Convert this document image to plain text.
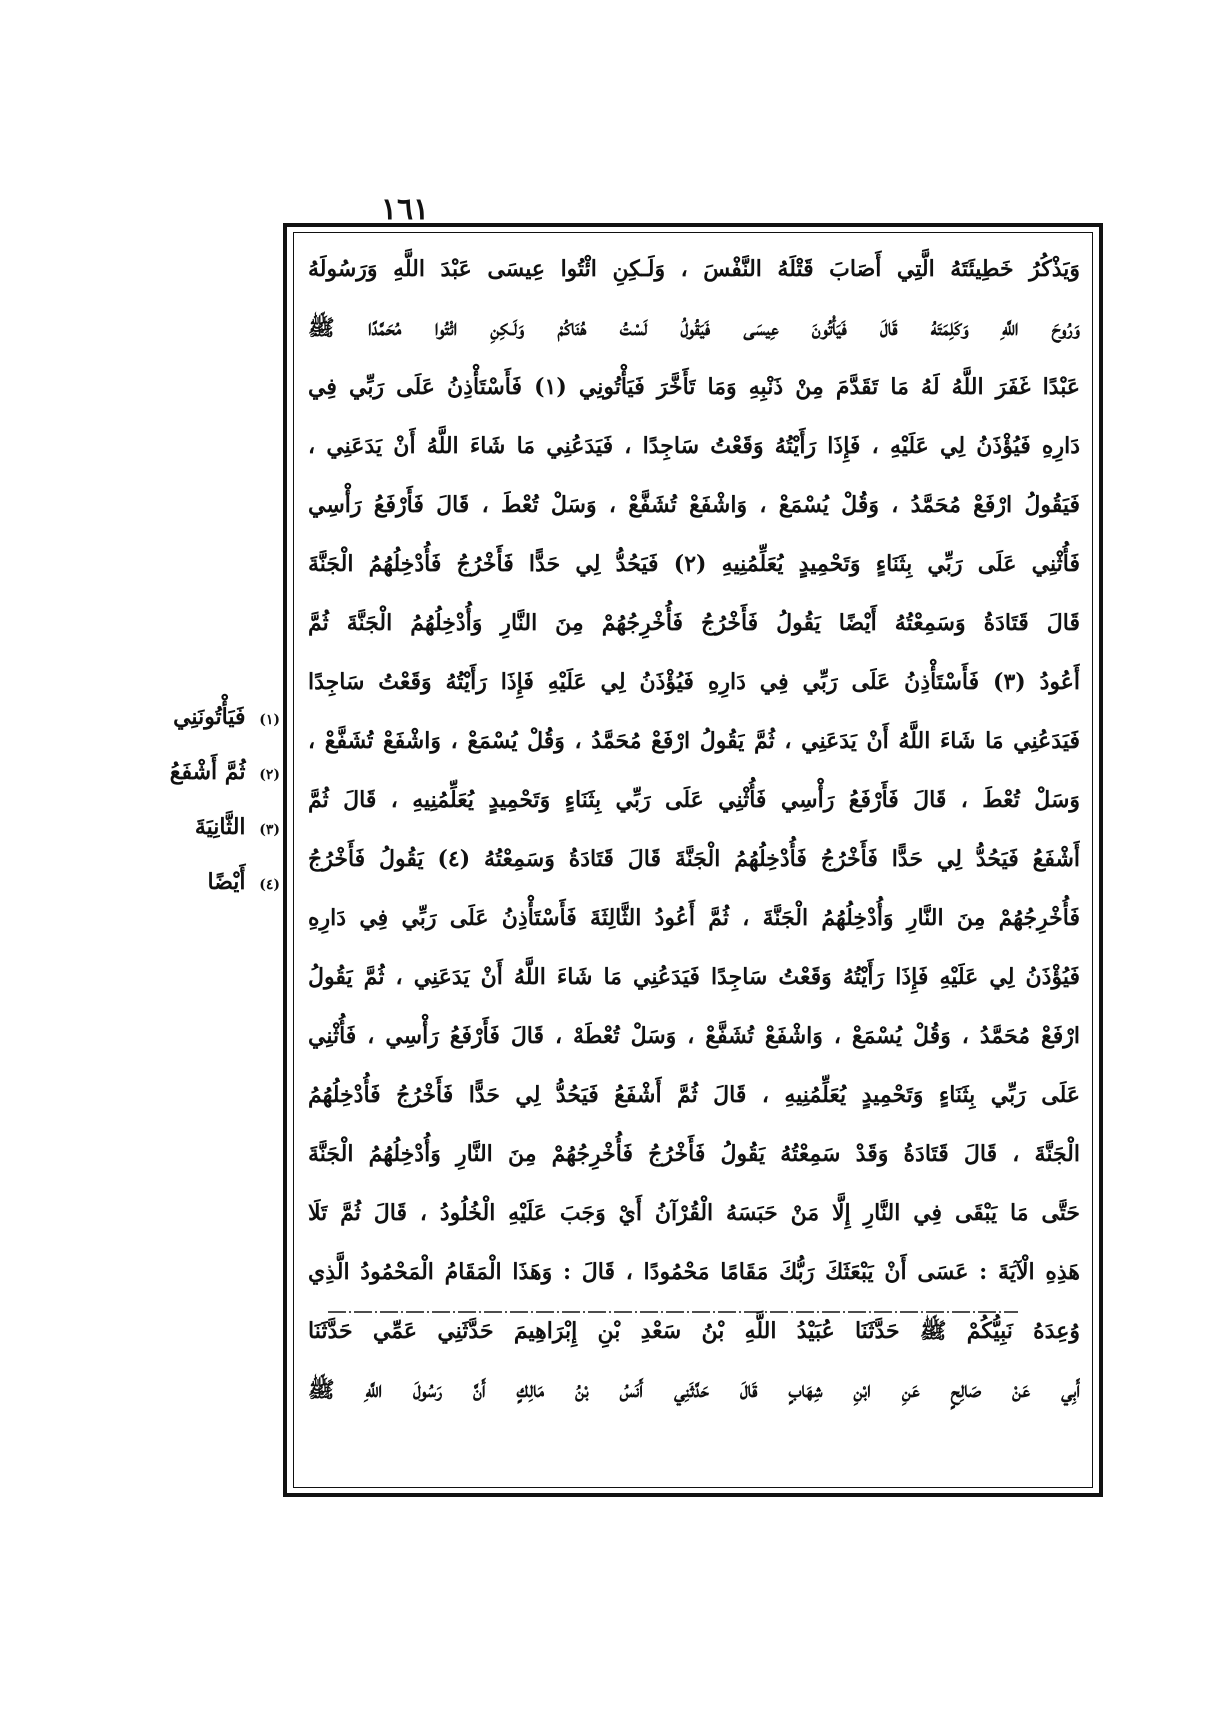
١٦١
وَيَذْكُرُ خَطِيئَتَهُ الَّتِي أَصَابَ قَتْلَهُ النَّفْسَ ، وَلَـكِنِ ائْتُوا عِيسَى عَبْدَ اللَّهِ وَرَسُولَهُ
وَرُوحَ اللَّهِ وَكَلِمَتَهُ قَالَ فَيَأْتُونَ عِيسَى فَيَقُولُ لَسْتُ هُنَاكُمْ وَلَـكِنِ ائْتُوا مُحَمَّدًا ﷺ
عَبْدًا غَفَرَ اللَّهُ لَهُ مَا تَقَدَّمَ مِنْ ذَنْبِهِ وَمَا تَأَخَّرَ فَيَأْتُونِي (١) فَأَسْتَأْذِنُ عَلَى رَبِّي فِي
دَارِهِ فَيُؤْذَنُ لِي عَلَيْهِ ، فَإِذَا رَأَيْتُهُ وَقَعْتُ سَاجِدًا ، فَيَدَعُنِي مَا شَاءَ اللَّهُ أَنْ يَدَعَنِي ،
فَيَقُولُ ارْفَعْ مُحَمَّدُ ، وَقُلْ يُسْمَعْ ، وَاشْفَعْ تُشَفَّعْ ، وَسَلْ تُعْطَ ، قَالَ فَأَرْفَعُ رَأْسِي
فَأُثْنِي عَلَى رَبِّي بِثَنَاءٍ وَتَحْمِيدٍ يُعَلِّمُنِيهِ (٢) فَيَحُدُّ لِي حَدًّا فَأَخْرُجُ فَأُدْخِلُهُمُ الْجَنَّةَ
قَالَ قَتَادَةُ وَسَمِعْتُهُ أَيْضًا يَقُولُ فَأَخْرُجُ فَأُخْرِجُهُمْ مِنَ النَّارِ وَأُدْخِلُهُمُ الْجَنَّةَ ثُمَّ
أَعُودُ (٣) فَأَسْتَأْذِنُ عَلَى رَبِّي فِي دَارِهِ فَيُؤْذَنُ لِي عَلَيْهِ فَإِذَا رَأَيْتُهُ وَقَعْتُ سَاجِدًا
فَيَدَعُنِي مَا شَاءَ اللَّهُ أَنْ يَدَعَنِي ، ثُمَّ يَقُولُ ارْفَعْ مُحَمَّدُ ، وَقُلْ يُسْمَعْ ، وَاشْفَعْ تُشَفَّعْ ،
وَسَلْ تُعْطَ ، قَالَ فَأَرْفَعُ رَأْسِي فَأُثْنِي عَلَى رَبِّي بِثَنَاءٍ وَتَحْمِيدٍ يُعَلِّمُنِيهِ ، قَالَ ثُمَّ
أَشْفَعُ فَيَحُدُّ لِي حَدًّا فَأَخْرُجُ فَأُدْخِلُهُمُ الْجَنَّةَ قَالَ قَتَادَةُ وَسَمِعْتُهُ (٤) يَقُولُ فَأَخْرُجُ
فَأُخْرِجُهُمْ مِنَ النَّارِ وَأُدْخِلُهُمُ الْجَنَّةَ ، ثُمَّ أَعُودُ الثَّالِثَةَ فَأَسْتَأْذِنُ عَلَى رَبِّي فِي دَارِهِ
فَيُؤْذَنُ لِي عَلَيْهِ فَإِذَا رَأَيْتُهُ وَقَعْتُ سَاجِدًا فَيَدَعُنِي مَا شَاءَ اللَّهُ أَنْ يَدَعَنِي ، ثُمَّ يَقُولُ
ارْفَعْ مُحَمَّدُ ، وَقُلْ يُسْمَعْ ، وَاشْفَعْ تُشَفَّعْ ، وَسَلْ تُعْطَهْ ، قَالَ فَأَرْفَعُ رَأْسِي ، فَأُثْنِي
عَلَى رَبِّي بِثَنَاءٍ وَتَحْمِيدٍ يُعَلِّمُنِيهِ ، قَالَ ثُمَّ أَشْفَعُ فَيَحُدُّ لِي حَدًّا فَأَخْرُجُ فَأُدْخِلُهُمُ
الْجَنَّةَ ، قَالَ قَتَادَةُ وَقَدْ سَمِعْتُهُ يَقُولُ فَأَخْرُجُ فَأُخْرِجُهُمْ مِنَ النَّارِ وَأُدْخِلُهُمُ الْجَنَّةَ
حَتَّى مَا يَبْقَى فِي النَّارِ إِلَّا مَنْ حَبَسَهُ الْقُرْآنُ أَيْ وَجَبَ عَلَيْهِ الْخُلُودُ ، قَالَ ثُمَّ تَلَا
هَذِهِ الْآيَةَ : عَسَى أَنْ يَبْعَثَكَ رَبُّكَ مَقَامًا مَحْمُودًا ، قَالَ : وَهَذَا الْمَقَامُ الْمَحْمُودُ الَّذِي
وُعِدَهُ نَبِيُّكُمْ ﷺ حَدَّثَنَا عُبَيْدُ اللَّهِ بْنُ سَعْدِ بْنِ إِبْرَاهِيمَ حَدَّثَنِي عَمِّي حَدَّثَنَا
أَبِي عَنْ صَالِحٍ عَنِ ابْنِ شِهَابٍ قَالَ حَدَّثَنِي أَنَسُ بْنُ مَالِكٍ أَنَّ رَسُولَ اللَّهِ ﷺ
(١) فَيَأْتُونَنِي
(٢) ثُمَّ أَشْفَعُ
(٣) الثَّانِيَةَ
(٤) أَيْضًا
